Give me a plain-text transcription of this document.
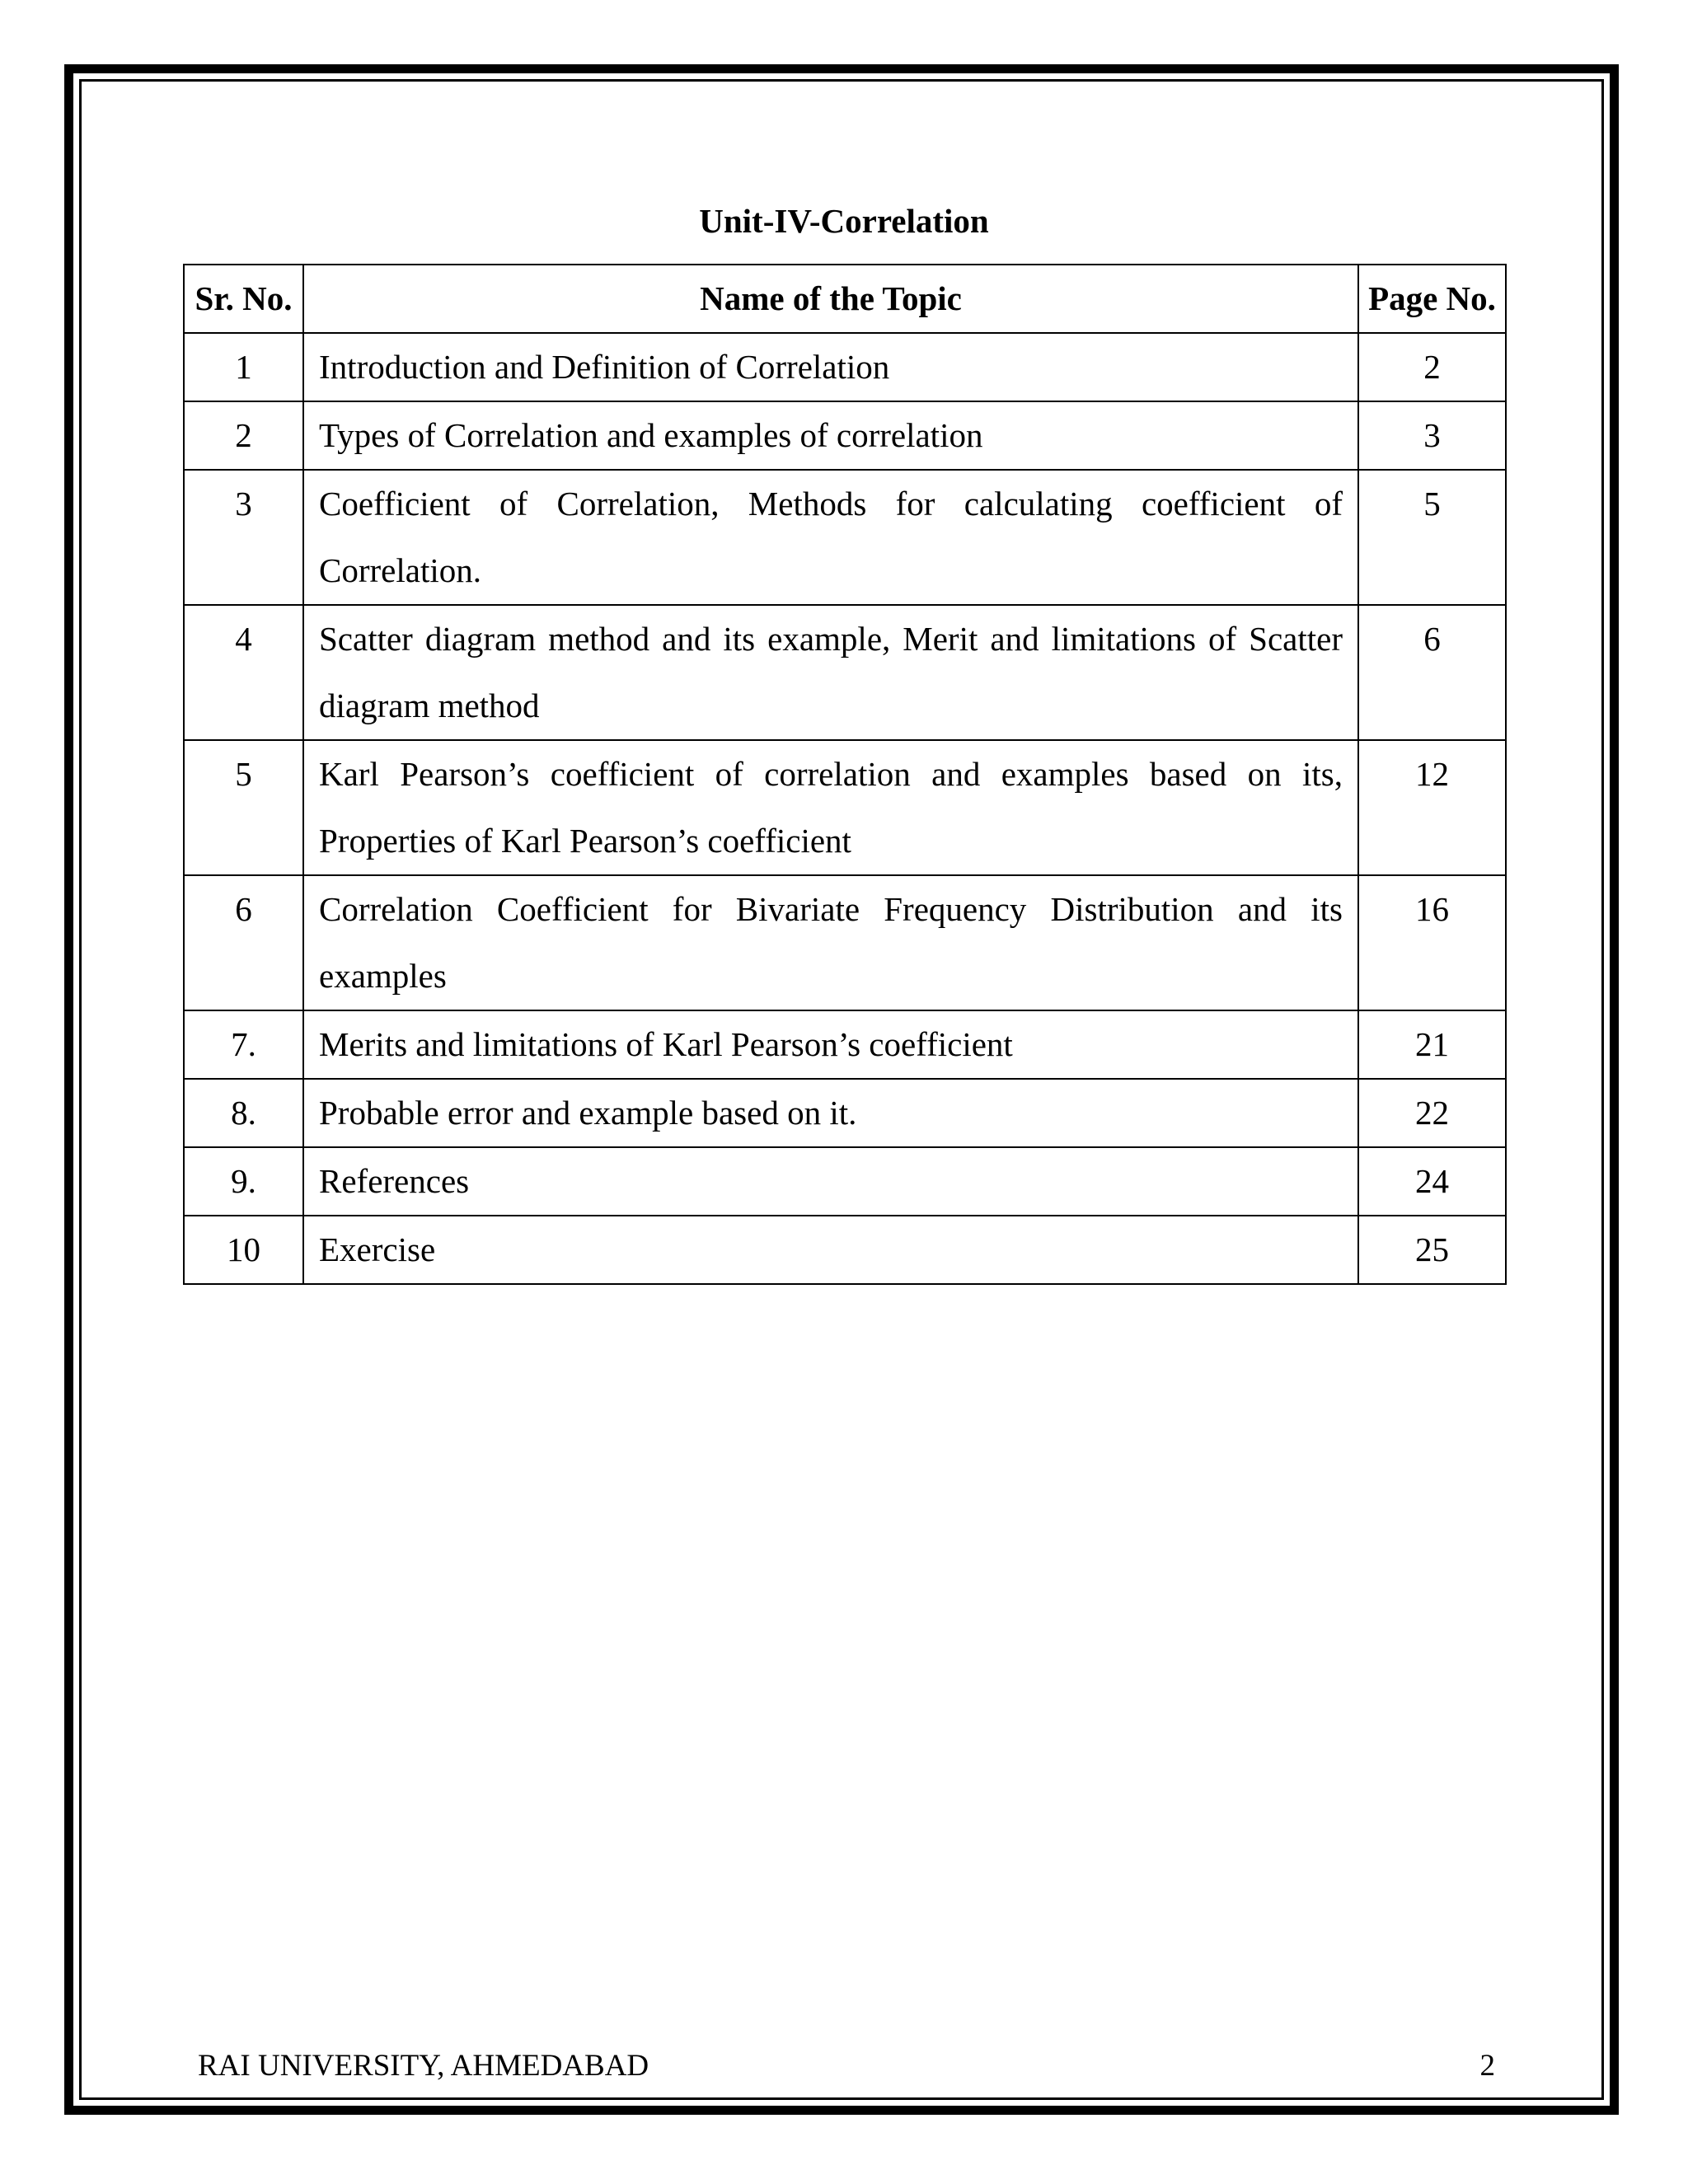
Unit-IV-Correlation
Sr. No.	Name of the Topic	Page No.
1	Introduction and Definition of Correlation	2
2	Types of Correlation and examples of correlation	3
3	Coefficient of Correlation, Methods for calculating coefficient of Correlation.	5
4	Scatter diagram method and its example, Merit and limitations of Scatter diagram method	6
5	Karl Pearson’s coefficient of correlation and examples based on its, Properties of Karl Pearson’s coefficient	12
6	Correlation Coefficient for Bivariate Frequency Distribution and its examples	16
7.	Merits and limitations of Karl Pearson’s coefficient	21
8.	Probable error and example based on it.	22
9.	References	24
10	Exercise	25
RAI UNIVERSITY, AHMEDABAD	2
